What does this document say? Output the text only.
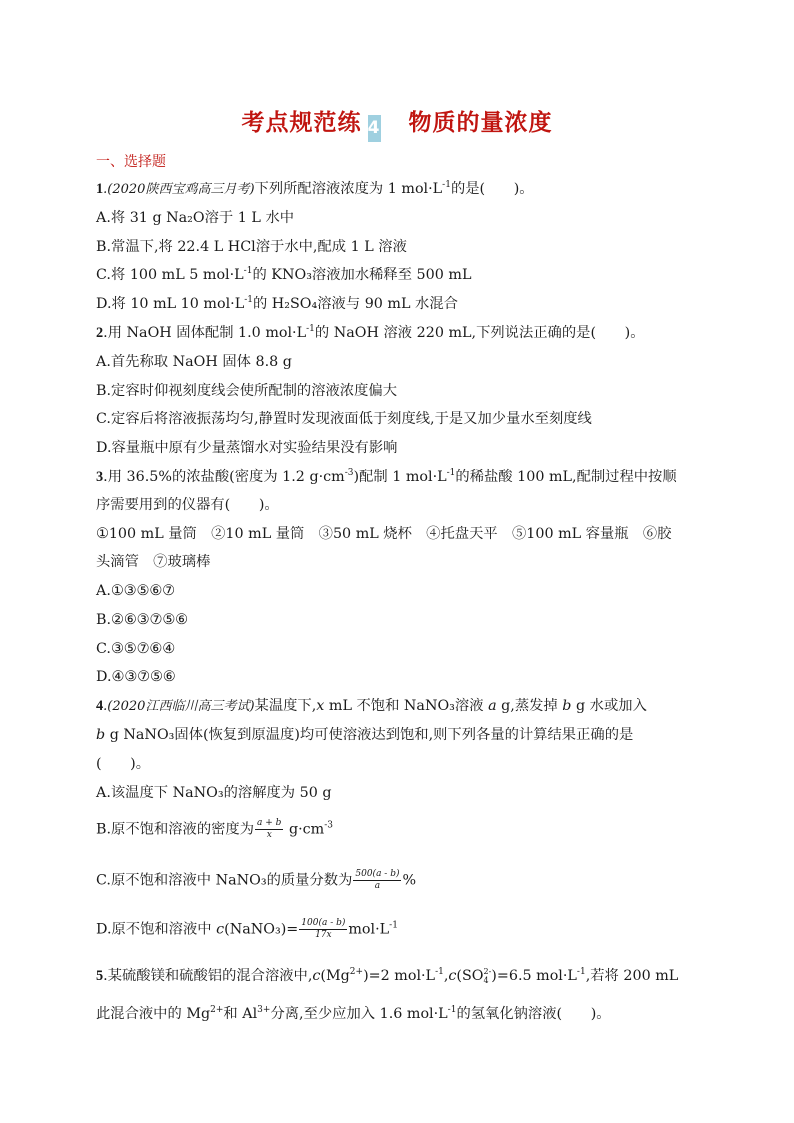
考点规范练 4 物质的量浓度
一、选择题
1.(2020陕西宝鸡高三月考)下列所配溶液浓度为 1 $mol\cdot L^{-1}$的是(　　)。
A.将 31 g Na₂O溶于 1 L 水中
B.常温下,将 22.4 L HCl溶于水中,配成 1 L 溶液
C.将 100 mL 5 $mol\cdot L^{-1}$的 KNO₃溶液加水稀释至 500 mL
D.将 10 mL 10 $mol\cdot L^{-1}$的 H₂SO₄溶液与 90 mL 水混合
2.用 NaOH 固体配制 1.0 $mol\cdot L^{-1}$的 NaOH 溶液 220 mL,下列说法正确的是(　　)。
A.首先称取 NaOH 固体 8.8 g
B.定容时仰视刻度线会使所配制的溶液浓度偏大
C.定容后将溶液振荡均匀,静置时发现液面低于刻度线,于是又加少量水至刻度线
D.容量瓶中原有少量蒸馏水对实验结果没有影响
3.用 36.5%的浓盐酸(密度为 1.2 $g\cdot cm^{-3}$)配制 1 $mol\cdot L^{-1}$的稀盐酸 100 mL,配制过程中按顺
序需要用到的仪器有(　　)。
①100 mL 量筒　②10 mL 量筒　③50 mL 烧杯　④托盘天平　⑤100 mL 容量瓶　⑥胶
头滴管　⑦玻璃棒
A.①③⑤⑥⑦
B.②⑥③⑦⑤⑥
C.③⑤⑦⑥④
D.④③⑦⑤⑥
4.(2020江西临川高三考试)某温度下,x mL 不饱和 NaNO₃溶液 a g,蒸发掉 b g 水或加入
b g NaNO₃固体(恢复到原温度)均可使溶液达到饱和,则下列各量的计算结果正确的是
(　　)。
A.该温度下 NaNO₃的溶解度为 50 g
B.原不饱和溶液的密度为 $\frac{a + b}{x} g\cdot cm^{-3}$
C.原不饱和溶液中 NaNO₃的质量分数为 $\frac{500(a - b)}{a}$ %
D.原不饱和溶液中 c(NaNO₃)= $\frac{100(a - b)}{17x} mol\cdot L^{-1}$
5.某硫酸镁和硫酸铝的混合溶液中$,c(Mg^{2+})=2$ $mol\cdot L^{-1},c(SO$ 2-
4 )=6.5 $mol\cdot L^{-1}$,若将 200 mL
此混合液中的 $Mg^{2+}$和 $Al^{3+}$分离,至少应加入 1.6 $mol\cdot L^{-1}$的氢氧化钠溶液(　　)。
